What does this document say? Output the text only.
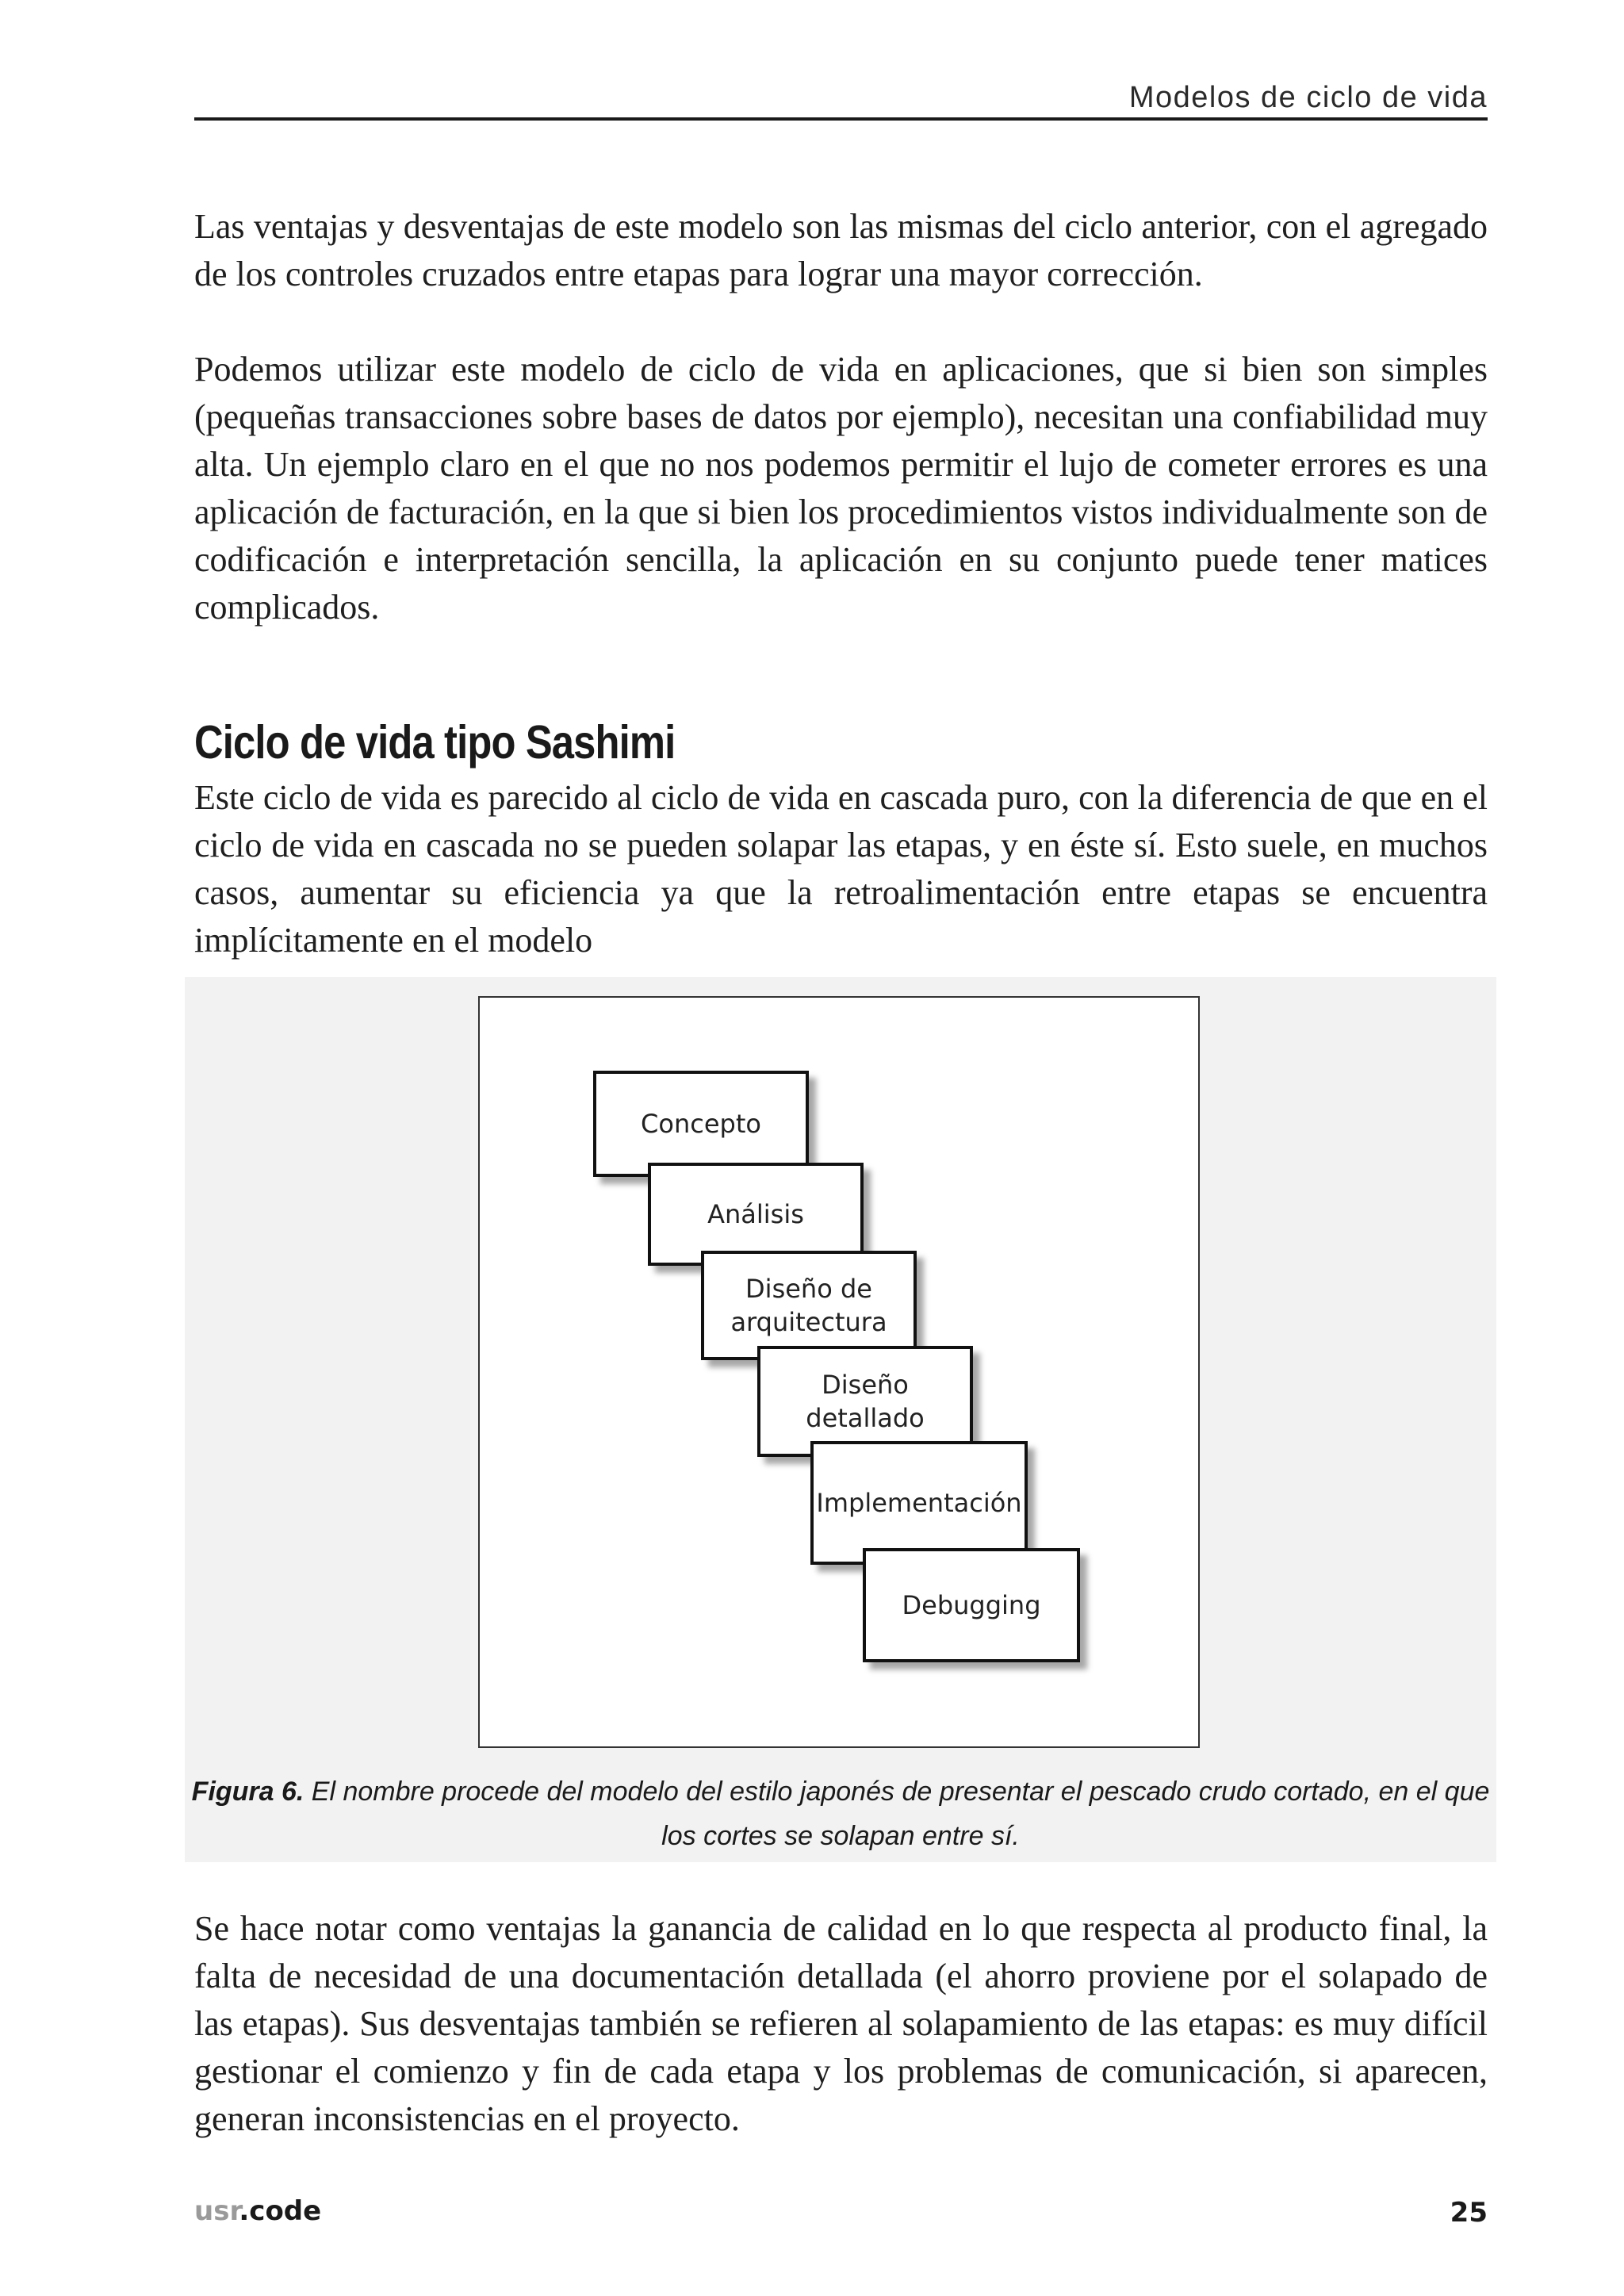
Modelos de ciclo de vida

Las ventajas y desventajas de este modelo son las mismas del ciclo anterior, con el agregado de los controles cruzados entre etapas para lograr una mayor corrección.

Podemos utilizar este modelo de ciclo de vida en aplicaciones, que si bien son simples (pequeñas transacciones sobre bases de datos por ejemplo), necesitan una confiabilidad muy alta. Un ejemplo claro en el que no nos podemos permitir el lujo de cometer errores es una aplicación de facturación, en la que si bien los procedimientos vistos individualmente son de codificación e interpretación sencilla, la aplicación en su conjunto puede tener matices complicados.

Ciclo de vida tipo Sashimi

Este ciclo de vida es parecido al ciclo de vida en cascada puro, con la diferencia de que en el ciclo de vida en cascada no se pueden solapar las etapas, y en éste sí. Esto suele, en muchos casos, aumentar su eficiencia ya que la retroalimentación entre etapas se encuentra implícitamente en el modelo

Concepto
Análisis
Diseño de
arquitectura
Diseño detallado
Implementación
Debugging

Figura 6. El nombre procede del modelo del estilo japonés de presentar el pescado crudo cortado, en el que los cortes se solapan entre sí.

Se hace notar como ventajas la ganancia de calidad en lo que respecta al producto final, la falta de necesidad de una documentación detallada (el ahorro proviene por el solapado de las etapas). Sus desventajas también se refieren al solapamiento de las etapas: es muy difícil gestionar el comienzo y fin de cada etapa y los problemas de comunicación, si aparecen, generan inconsistencias en el proyecto.

usr.code	25
